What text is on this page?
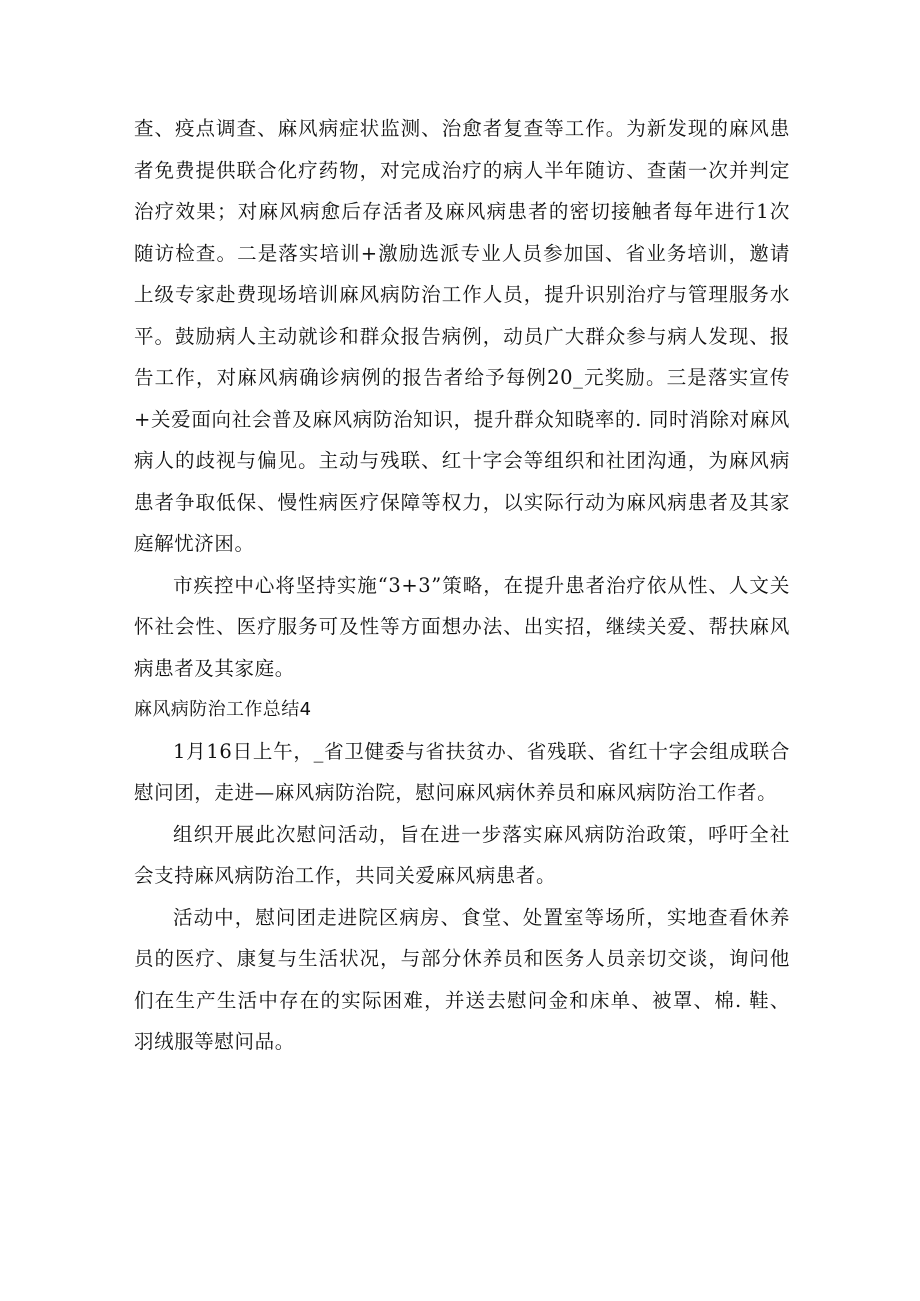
查、疫点调查、麻风病症状监测、治愈者复查等工作。为新发现的麻风患者免费提供联合化疗药物，对完成治疗的病人半年随访、查菌一次并判定治疗效果；对麻风病愈后存活者及麻风病患者的密切接触者每年进行1次随访检查。二是落实培训+激励选派专业人员参加国、省业务培训，邀请上级专家赴费现场培训麻风病防治工作人员，提升识别治疗与管理服务水平。鼓励病人主动就诊和群众报告病例，动员广大群众参与病人发现、报告工作，对麻风病确诊病例的报告者给予每例20_元奖励。三是落实宣传+关爱面向社会普及麻风病防治知识，提升群众知晓率的. 同时消除对麻风病人的歧视与偏见。主动与残联、红十字会等组织和社团沟通，为麻风病患者争取低保、慢性病医疗保障等权力，以实际行动为麻风病患者及其家庭解忧济困。

市疾控中心将坚持实施“3+3”策略，在提升患者治疗依从性、人文关怀社会性、医疗服务可及性等方面想办法、出实招，继续关爱、帮扶麻风病患者及其家庭。

麻风病防治工作总结4

1月16日上午，_省卫健委与省扶贫办、省残联、省红十字会组成联合慰问团，走进—麻风病防治院，慰问麻风病休养员和麻风病防治工作者。

组织开展此次慰问活动，旨在进一步落实麻风病防治政策，呼吁全社会支持麻风病防治工作，共同关爱麻风病患者。

活动中，慰问团走进院区病房、食堂、处置室等场所，实地查看休养员的医疗、康复与生活状况，与部分休养员和医务人员亲切交谈，询问他们在生产生活中存在的实际困难，并送去慰问金和床单、被罩、棉. 鞋、羽绒服等慰问品。
